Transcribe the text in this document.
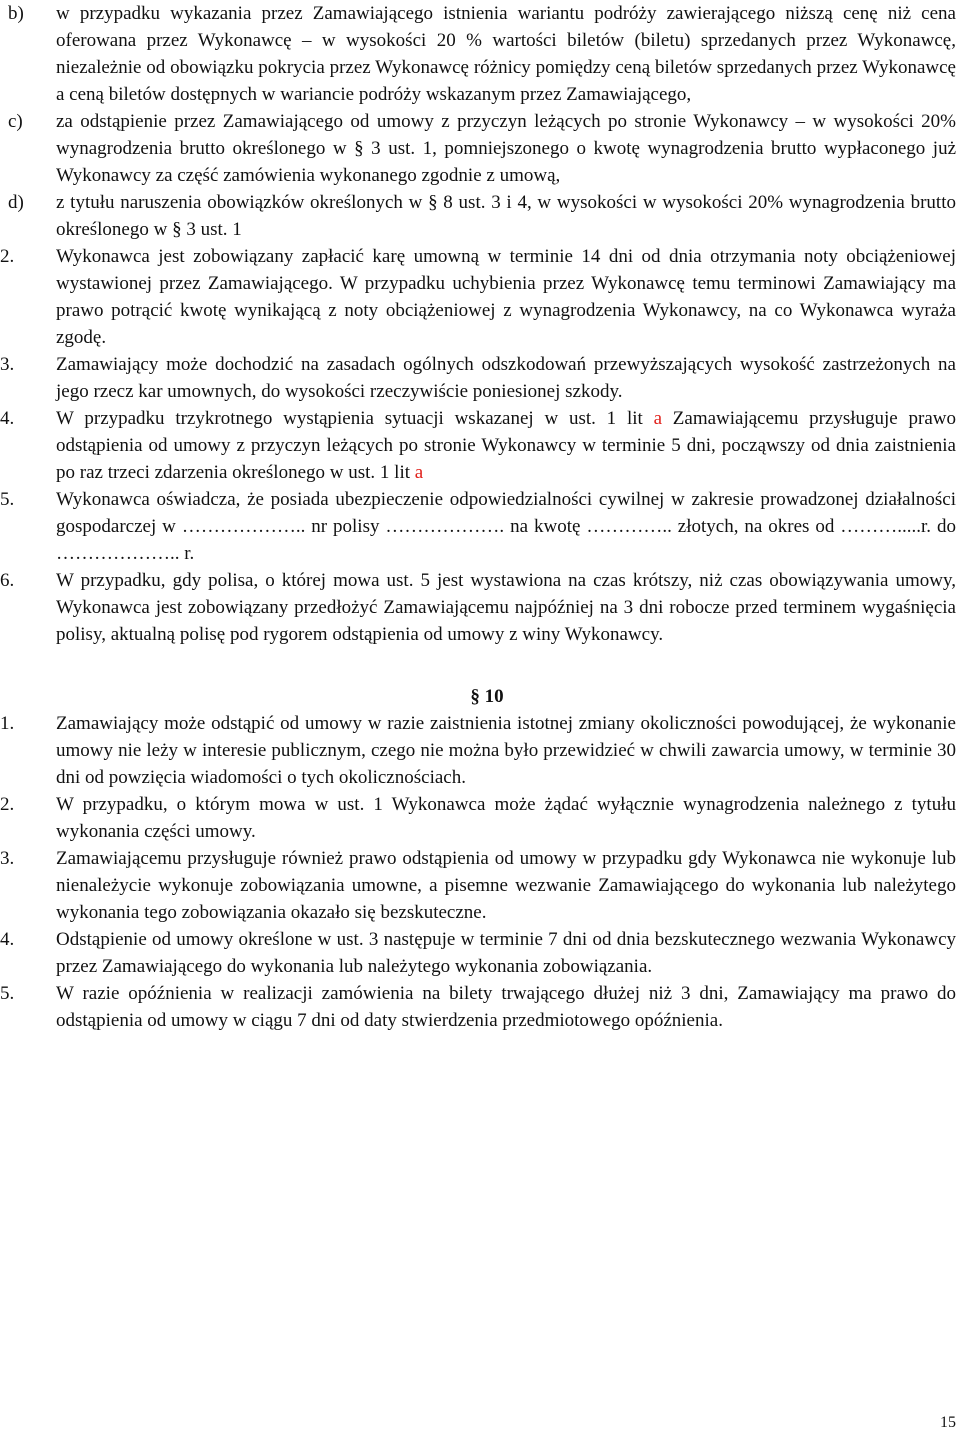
b) w przypadku wykazania przez Zamawiającego istnienia wariantu podróży zawierającego niższą cenę niż cena oferowana przez Wykonawcę – w wysokości 20 % wartości biletów (biletu) sprzedanych przez Wykonawcę, niezależnie od obowiązku pokrycia przez Wykonawcę różnicy pomiędzy ceną biletów sprzedanych przez Wykonawcę a ceną biletów dostępnych w wariancie podróży wskazanym przez Zamawiającego,
c) za odstąpienie przez Zamawiającego od umowy z przyczyn leżących po stronie Wykonawcy – w wysokości 20% wynagrodzenia brutto określonego w § 3 ust. 1, pomniejszonego o kwotę wynagrodzenia brutto wypłaconego już Wykonawcy za część zamówienia wykonanego zgodnie z umową,
d) z tytułu naruszenia obowiązków określonych w § 8 ust. 3 i 4, w wysokości w wysokości 20% wynagrodzenia brutto określonego w § 3 ust. 1
2. Wykonawca jest zobowiązany zapłacić karę umowną w terminie 14 dni od dnia otrzymania noty obciążeniowej wystawionej przez Zamawiającego. W przypadku uchybienia przez Wykonawcę temu terminowi Zamawiający ma prawo potrącić kwotę wynikającą z noty obciążeniowej z wynagrodzenia Wykonawcy, na co Wykonawca wyraża zgodę.
3. Zamawiający może dochodzić na zasadach ogólnych odszkodowań przewyższających wysokość zastrzeżonych na jego rzecz kar umownych, do wysokości rzeczywiście poniesionej szkody.
4. W przypadku trzykrotnego wystąpienia sytuacji wskazanej w ust. 1 lit a Zamawiającemu przysługuje prawo odstąpienia od umowy z przyczyn leżących po stronie Wykonawcy w terminie 5 dni, począwszy od dnia zaistnienia po raz trzeci zdarzenia określonego w ust. 1 lit a
5. Wykonawca oświadcza, że posiada ubezpieczenie odpowiedzialności cywilnej w zakresie prowadzonej działalności gospodarczej w ……………….. nr polisy ………………. na kwotę ………….. złotych, na okres od ……….....r. do ……………….. r.
6. W przypadku, gdy polisa, o której mowa ust. 5 jest wystawiona na czas krótszy, niż czas obowiązywania umowy, Wykonawca jest zobowiązany przedłożyć Zamawiającemu najpóźniej na 3 dni robocze przed terminem wygaśnięcia polisy, aktualną polisę pod rygorem odstąpienia od umowy z winy Wykonawcy.
§ 10
1. Zamawiający może odstąpić od umowy w razie zaistnienia istotnej zmiany okoliczności powodującej, że wykonanie umowy nie leży w interesie publicznym, czego nie można było przewidzieć w chwili zawarcia umowy, w terminie 30 dni od powzięcia wiadomości o tych okolicznościach.
2. W przypadku, o którym mowa w ust. 1 Wykonawca może żądać wyłącznie wynagrodzenia należnego z tytułu wykonania części umowy.
3. Zamawiającemu przysługuje również prawo odstąpienia od umowy w przypadku gdy Wykonawca nie wykonuje lub nienależycie wykonuje zobowiązania umowne, a pisemne wezwanie Zamawiającego do wykonania lub należytego wykonania tego zobowiązania okazało się bezskuteczne.
4. Odstąpienie od umowy określone w ust. 3 następuje w terminie 7 dni od dnia bezskutecznego wezwania Wykonawcy przez Zamawiającego do wykonania lub należytego wykonania zobowiązania.
5. W razie opóźnienia w realizacji zamówienia na bilety trwającego dłużej niż 3 dni, Zamawiający ma prawo do odstąpienia od umowy w ciągu 7 dni od daty stwierdzenia przedmiotowego opóźnienia.
15
